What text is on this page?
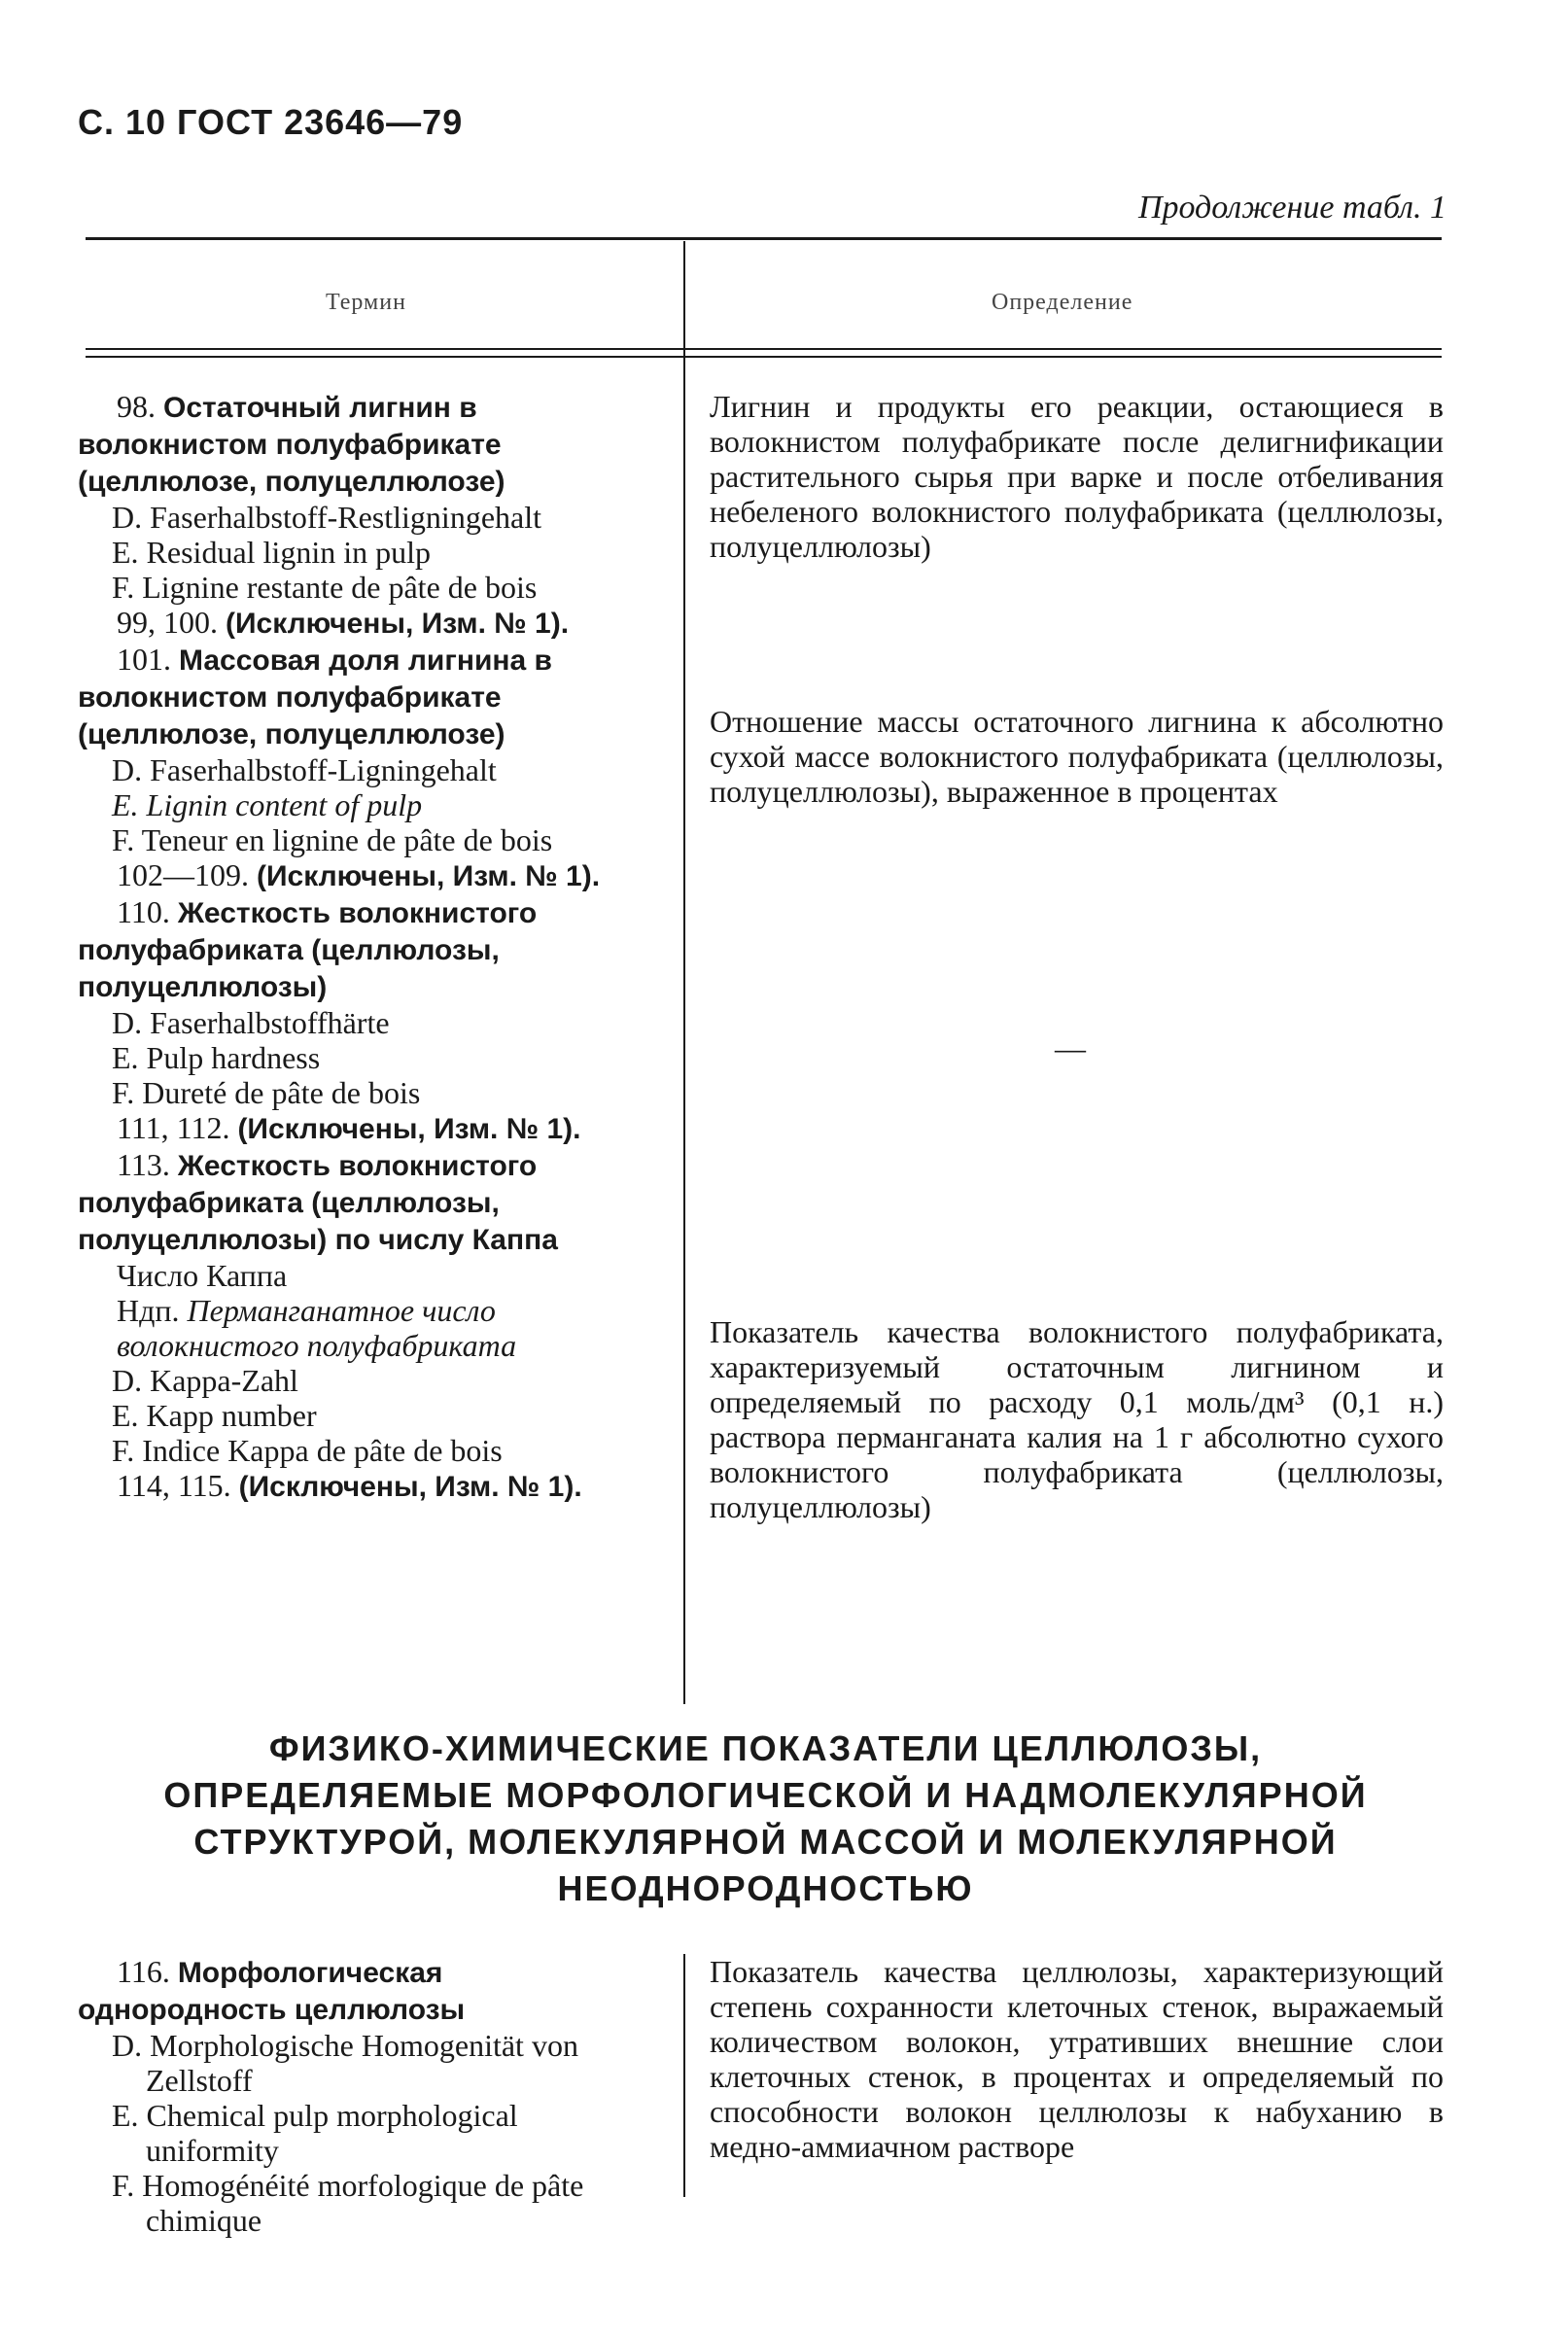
С. 10 ГОСТ 23646—79
Продолжение табл. 1
Термин	Определение
98. Остаточный лигнин в волокнистом полуфабрикате (целлюлозе, полуцеллюлозе)
D. Faserhalbstoff-Restligningehalt
E. Residual lignin in pulp
F. Lignine restante de pâte de bois
99, 100. (Исключены, Изм. № 1).
101. Массовая доля лигнина в волокнистом полуфабрикате (целлюлозе, полуцеллюлозе)
D. Faserhalbstoff-Ligningehalt
E. Lignin content of pulp
F. Teneur en lignine de pâte de bois
102—109. (Исключены, Изм. № 1).
110. Жесткость волокнистого полуфабриката (целлюлозы, полуцеллюлозы)
D. Faserhalbstoffhärte
E. Pulp hardness
F. Dureté de pâte de bois
111, 112. (Исключены, Изм. № 1).
113. Жесткость волокнистого полуфабриката (целлюлозы, полуцеллюлозы) по числу Каппа
Число Каппа
Ндп. Перманганатное число волокнистого полуфабриката
D. Kappa-Zahl
E. Kapp number
F. Indice Kappa de pâte de bois
114, 115. (Исключены, Изм. № 1).
Лигнин и продукты его реакции, остающиеся в волокнистом полуфабрикате после делигнификации растительного сырья при варке и после отбеливания небеленого волокнистого полуфабриката (целлюлозы, полуцеллюлозы)
Отношение массы остаточного лигнина к абсолютно сухой массе волокнистого полуфабриката (целлюлозы, полуцеллюлозы), выраженное в процентах
—
Показатель качества волокнистого полуфабриката, характеризуемый остаточным лигнином и определяемый по расходу 0,1 моль/дм³ (0,1 н.) раствора перманганата калия на 1 г абсолютно сухого волокнистого полуфабриката (целлюлозы, полуцеллюлозы)
ФИЗИКО-ХИМИЧЕСКИЕ ПОКАЗАТЕЛИ ЦЕЛЛЮЛОЗЫ, ОПРЕДЕЛЯЕМЫЕ МОРФОЛОГИЧЕСКОЙ И НАДМОЛЕКУЛЯРНОЙ СТРУКТУРОЙ, МОЛЕКУЛЯРНОЙ МАССОЙ И МОЛЕКУЛЯРНОЙ НЕОДНОРОДНОСТЬЮ
116. Морфологическая однородность целлюлозы
D. Morphologische Homogenität von Zellstoff
E. Chemical pulp morphological uniformity
F. Homogénéité morfologique de pâte chimique
Показатель качества целлюлозы, характеризующий степень сохранности клеточных стенок, выражаемый количеством волокон, утративших внешние слои клеточных стенок, в процентах и определяемый по способности волокон целлюлозы к набуханию в медно-аммиачном растворе
